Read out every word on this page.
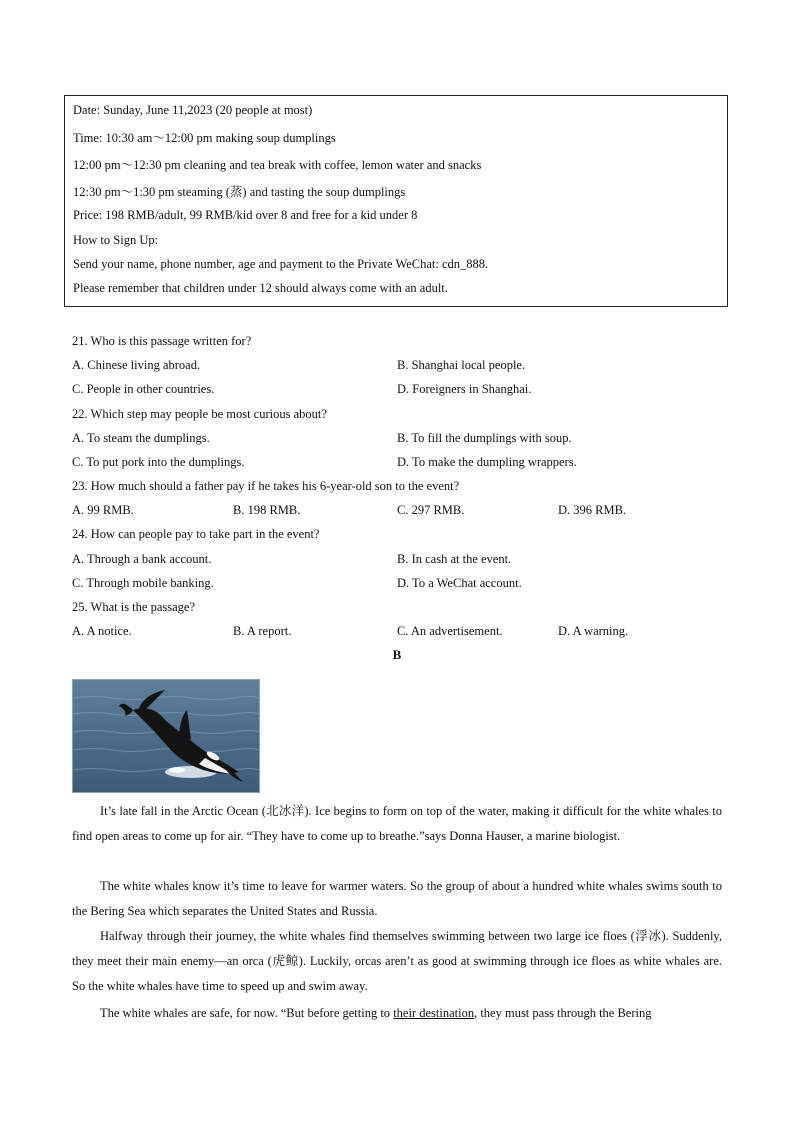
Date: Sunday, June 11,2023 (20 people at most)
Time: 10:30 am～12:00 pm making soup dumplings
12:00 pm～12:30 pm cleaning and tea break with coffee, lemon water and snacks
12:30 pm～1:30 pm steaming (蒸) and tasting the soup dumplings
Price: 198 RMB/adult, 99 RMB/kid over 8 and free for a kid under 8
How to Sign Up:
Send your name, phone number, age and payment to the Private WeChat: cdn_888.
Please remember that children under 12 should always come with an adult.
21. Who is this passage written for?
A. Chinese living abroad.	B. Shanghai local people.
C. People in other countries.	D. Foreigners in Shanghai.
22. Which step may people be most curious about?
A. To steam the dumplings.	B. To fill the dumplings with soup.
C. To put pork into the dumplings.	D. To make the dumpling wrappers.
23. How much should a father pay if he takes his 6-year-old son to the event?
A. 99 RMB.	B. 198 RMB.	C. 297 RMB.	D. 396 RMB.
24. How can people pay to take part in the event?
A. Through a bank account.	B. In cash at the event.
C. Through mobile banking.	D. To a WeChat account.
25. What is the passage?
A. A notice.	B. A report.	C. An advertisement.	D. A warning.
B

It’s late fall in the Arctic Ocean (北冰洋). Ice begins to form on top of the water, making it difficult for the white whales to find open areas to come up for air. “They have to come up to breathe.”says Donna Hauser, a marine biologist.

The white whales know it’s time to leave for warmer waters. So the group of about a hundred white whales swims south to the Bering Sea which separates the United States and Russia.

Halfway through their journey, the white whales find themselves swimming between two large ice floes (浮冰). Suddenly, they meet their main enemy—an orca (虎鲸). Luckily, orcas aren’t as good at swimming through ice floes as white whales are. So the white whales have time to speed up and swim away.

The white whales are safe, for now. “But before getting to their destination, they must pass through the Bering
